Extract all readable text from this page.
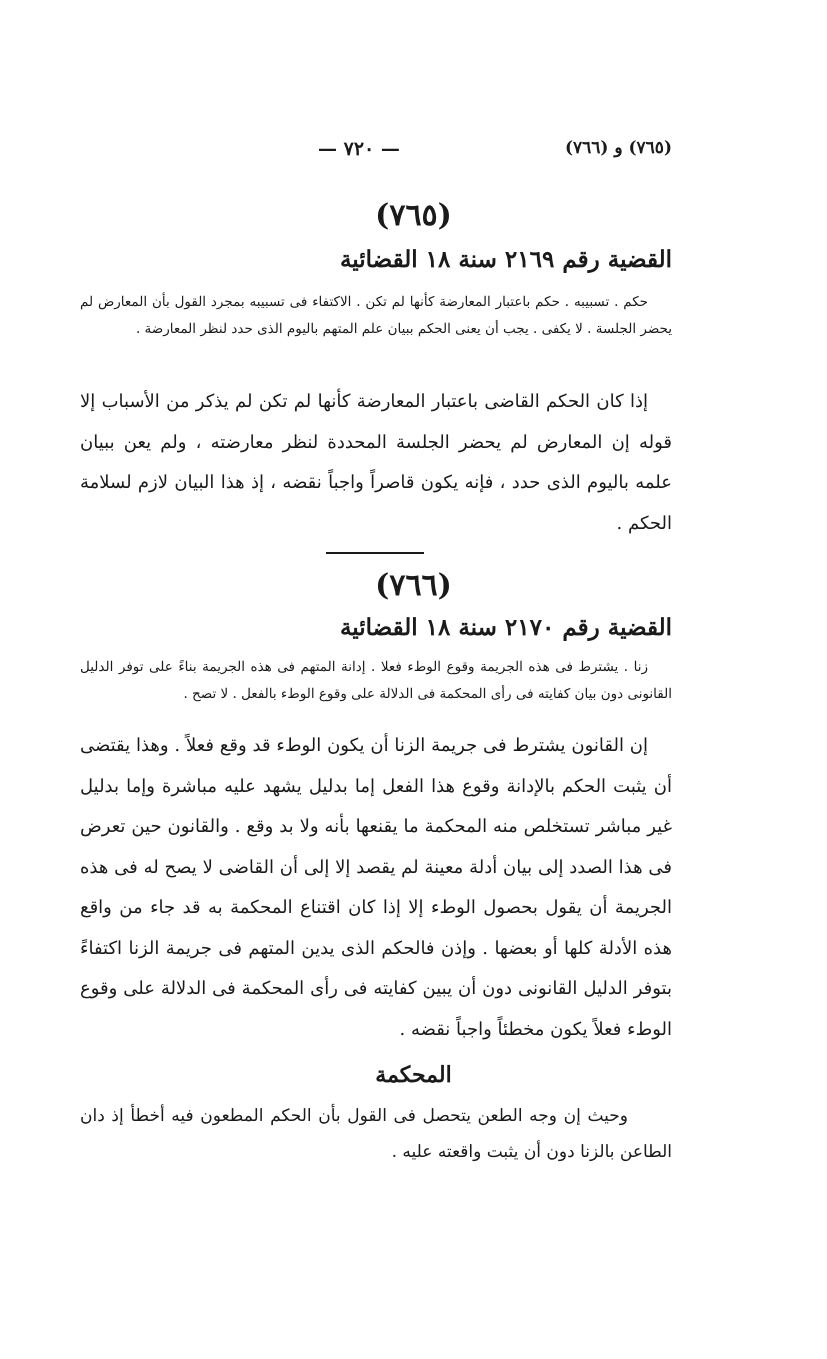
(٧٦٥) و (٧٦٦)
— ٧٢٠ —
(٧٦٥)
القضية رقم ٢١٦٩ سنة ١٨ القضائية

حكم . تسبيبه . حكم باعتبار المعارضة كأنها لم تكن . الاكتفاء فى تسبيبه بمجرد القول بأن المعارض لم يحضر الجلسة . لا يكفى . يجب أن يعنى الحكم ببيان علم المتهم باليوم الذى حدد لنظر المعارضة .

إذا كان الحكم القاضى باعتبار المعارضة كأنها لم تكن لم يذكر من الأسباب إلا قوله إن المعارض لم يحضر الجلسة المحددة لنظر معارضته ، ولم يعن ببيان علمه باليوم الذى حدد ، فإنه يكون قاصراً واجباً نقضه ، إذ هذا البيان لازم لسلامة الحكم .

(٧٦٦)
القضية رقم ٢١٧٠ سنة ١٨ القضائية

زنا . يشترط فى هذه الجريمة وقوع الوطء فعلا . إدانة المتهم فى هذه الجريمة بناءً على توفر الدليل القانونى دون بيان كفايته فى رأى المحكمة فى الدلالة على وقوع الوطء بالفعل . لا تصح .

إن القانون يشترط فى جريمة الزنا أن يكون الوطء قد وقع فعلاً . وهذا يقتضى أن يثبت الحكم بالإدانة وقوع هذا الفعل إما بدليل يشهد عليه مباشرة وإما بدليل غير مباشر تستخلص منه المحكمة ما يقنعها بأنه ولا بد وقع . والقانون حين تعرض فى هذا الصدد إلى بيان أدلة معينة لم يقصد إلا إلى أن القاضى لا يصح له فى هذه الجريمة أن يقول بحصول الوطء إلا إذا كان اقتناع المحكمة به قد جاء من واقع هذه الأدلة كلها أو بعضها . وإذن فالحكم الذى يدين المتهم فى جريمة الزنا اكتفاءً بتوفر الدليل القانونى دون أن يبين كفايته فى رأى المحكمة فى الدلالة على وقوع الوطء فعلاً يكون مخطئاً واجباً نقضه .

المحكمة

وحيث إن وجه الطعن يتحصل فى القول بأن الحكم المطعون فيه أخطأ إذ دان الطاعن بالزنا دون أن يثبت واقعته عليه .
